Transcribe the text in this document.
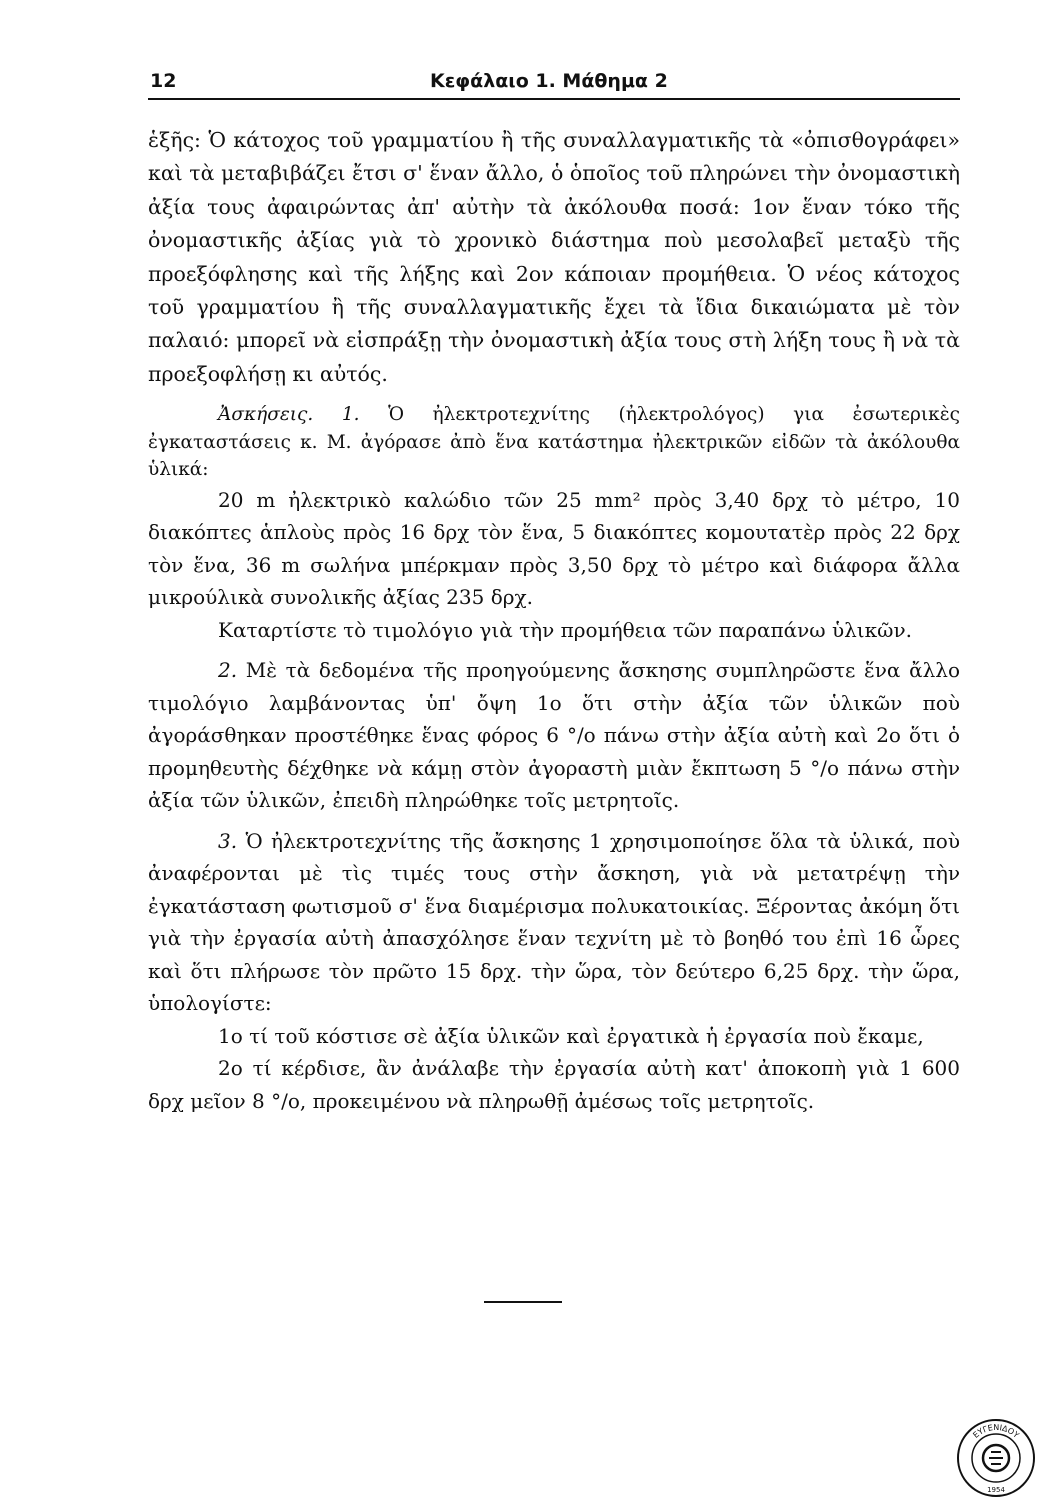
12	Κεφάλαιο 1. Μάθημα 2

ἑξῆς: Ὁ κάτοχος τοῦ γραμματίου ἢ τῆς συναλλαγματικῆς τὰ «ὀπισθογράφει» καὶ τὰ μεταβιβάζει ἔτσι σ' ἕναν ἄλλο, ὁ ὁποῖος τοῦ πληρώνει τὴν ὀνομαστικὴ ἀξία τους ἀφαιρώντας ἀπ' αὐτὴν τὰ ἀκόλουθα ποσά: 1ον ἕναν τόκο τῆς ὀνομαστικῆς ἀξίας γιὰ τὸ χρονικὸ διάστημα ποὺ μεσολαβεῖ μεταξὺ τῆς προεξόφλησης καὶ τῆς λήξης καὶ 2ον κάποιαν προμήθεια. Ὁ νέος κάτοχος τοῦ γραμματίου ἢ τῆς συναλλαγματικῆς ἔχει τὰ ἴδια δικαιώματα μὲ τὸν παλαιό: μπορεῖ νὰ εἰσπράξῃ τὴν ὀνομαστικὴ ἀξία τους στὴ λήξη τους ἢ νὰ τὰ προεξοφλήσῃ κι αὐτός.

Ἀσκήσεις. 1. Ὁ ἠλεκτροτεχνίτης (ἠλεκτρολόγος) για ἐσωτερικὲς ἐγκαταστάσεις κ. Μ. ἀγόρασε ἀπὸ ἕνα κατάστημα ἠλεκτρικῶν εἰδῶν τὰ ἀκόλουθα ὑλικά:

20 m ἠλεκτρικὸ καλώδιο τῶν 25 mm² πρὸς 3,40 δρχ τὸ μέτρο, 10 διακόπτες ἁπλοὺς πρὸς 16 δρχ τὸν ἕνα, 5 διακόπτες κομουτατὲρ πρὸς 22 δρχ τὸν ἕνα, 36 m σωλήνα μπέρκμαν πρὸς 3,50 δρχ τὸ μέτρο καὶ διάφορα ἄλλα μικρούλικὰ συνολικῆς ἀξίας 235 δρχ.

Καταρτίστε τὸ τιμολόγιο γιὰ τὴν προμήθεια τῶν παραπάνω ὑλικῶν.

2. Μὲ τὰ δεδομένα τῆς προηγούμενης ἄσκησης συμπληρῶστε ἕνα ἄλλο τιμολόγιο λαμβάνοντας ὑπ' ὄψη 1ο ὅτι στὴν ἀξία τῶν ὑλικῶν ποὺ ἀγοράσθηκαν προστέθηκε ἕνας φόρος 6 °/ο πάνω στὴν ἀξία αὐτὴ καὶ 2ο ὅτι ὁ προμηθευτὴς δέχθηκε νὰ κάμῃ στὸν ἀγοραστὴ μιὰν ἔκπτωση 5 °/ο πάνω στὴν ἀξία τῶν ὑλικῶν, ἐπειδὴ πληρώθηκε τοῖς μετρητοῖς.

3. Ὁ ἠλεκτροτεχνίτης τῆς ἄσκησης 1 χρησιμοποίησε ὅλα τὰ ὑλικά, ποὺ ἀναφέρονται μὲ τὶς τιμές τους στὴν ἄσκηση, γιὰ νὰ μετατρέψῃ τὴν ἐγκατάσταση φωτισμοῦ σ' ἕνα διαμέρισμα πολυκατοικίας. Ξέροντας ἀκόμη ὅτι γιὰ τὴν ἐργασία αὐτὴ ἀπασχόλησε ἕναν τεχνίτη μὲ τὸ βοηθό του ἐπὶ 16 ὧρες καὶ ὅτι πλήρωσε τὸν πρῶτο 15 δρχ. τὴν ὥρα, τὸν δεύτερο 6,25 δρχ. τὴν ὥρα, ὑπολογίστε:

1ο τί τοῦ κόστισε σὲ ἀξία ὑλικῶν καὶ ἐργατικὰ ἡ ἐργασία ποὺ ἔκαμε,

2ο τί κέρδισε, ἂν ἀνάλαβε τὴν ἐργασία αὐτὴ κατ' ἀποκοπὴ γιὰ 1 600 δρχ μεῖον 8 °/ο, προκειμένου νὰ πληρωθῇ ἀμέσως τοῖς μετρητοῖς.

ΕΥΓΕΝΙΔΟΥ
1954
